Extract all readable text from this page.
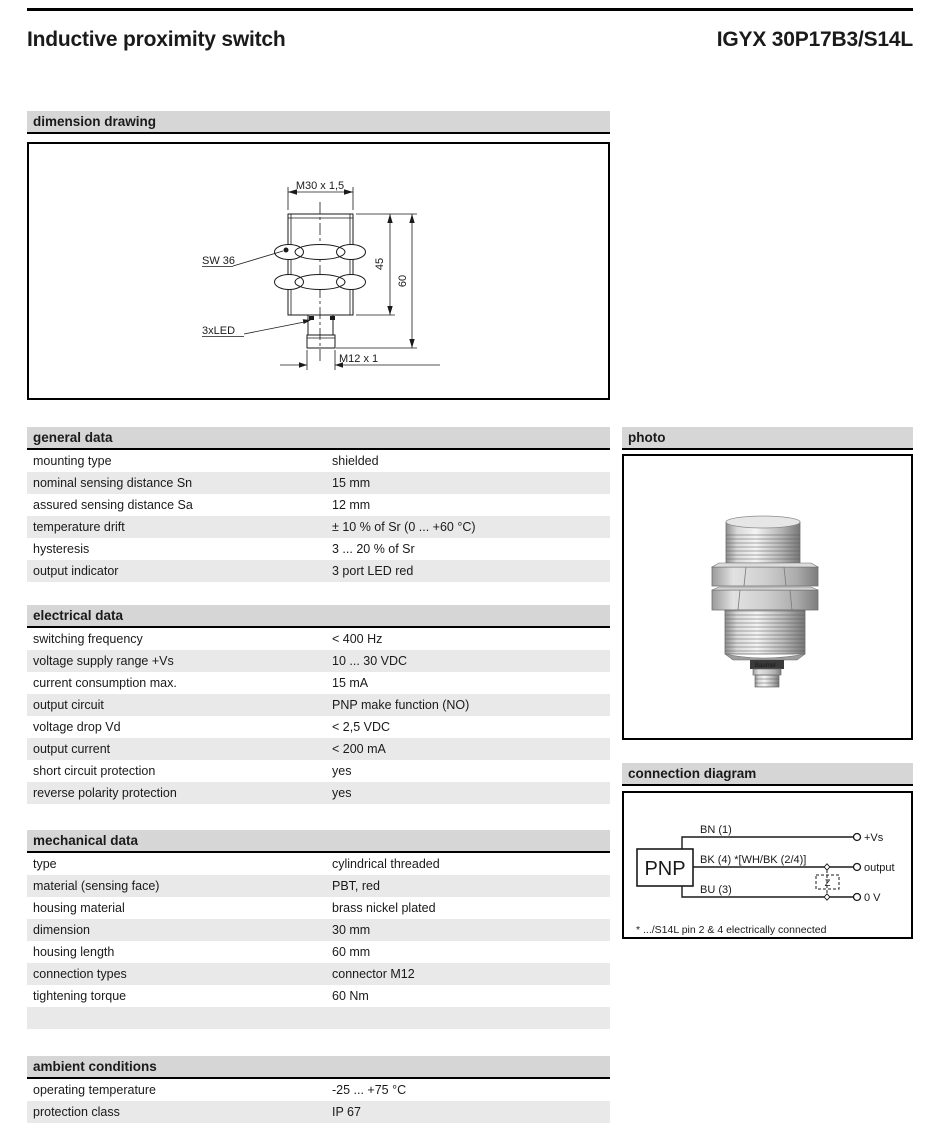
Inductive proximity switch	IGYX 30P17B3/S14L
dimension drawing
M30 x 1,5
45
60
M12 x 1
SW 36
3xLED
general data
mounting type	shielded
nominal sensing distance Sn	15 mm
assured sensing distance Sa	12 mm
temperature drift	± 10 % of Sr (0 ... +60 °C)
hysteresis	3 ... 20 % of Sr
output indicator	3 port LED red
electrical data
switching frequency	< 400 Hz
voltage supply range +Vs	10 ... 30 VDC
current consumption max.	15 mA
output circuit	PNP make function (NO)
voltage drop Vd	< 2,5 VDC
output current	< 200 mA
short circuit protection	yes
reverse polarity protection	yes
mechanical data
type	cylindrical threaded
material (sensing face)	PBT, red
housing material	brass nickel plated
dimension	30 mm
housing length	60 mm
connection types	connector M12
tightening torque	60 Nm
ambient conditions
operating temperature	-25 ... +75 °C
protection class	IP 67
photo
Baumer
connection diagram
PNP
Z
BN (1)
BK (4) *[WH/BK (2/4)]
BU (3)
+Vs
output
0 V
* .../S14L pin 2 & 4 electrically connected
